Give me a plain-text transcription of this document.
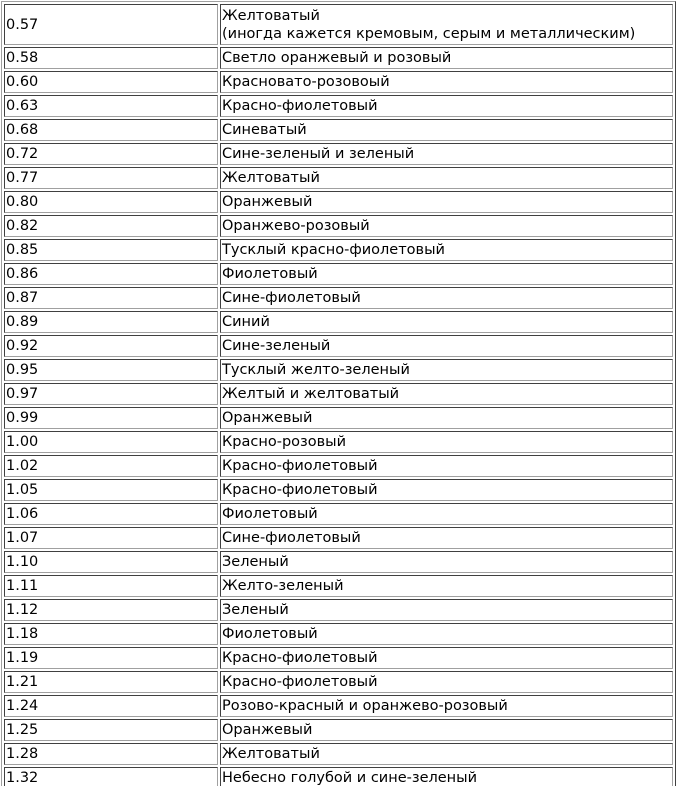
0.57	Желтоватый
(иногда кажется кремовым, серым и металлическим)

0.58	Светло оранжевый и розовый
0.60	Красновато-розовоый
0.63	Красно-фиолетовый
0.68	Синеватый
0.72	Сине-зеленый и зеленый
0.77	Желтоватый
0.80	Оранжевый
0.82	Оранжево-розовый
0.85	Тусклый красно-фиолетовый
0.86	Фиолетовый
0.87	Сине-фиолетовый
0.89	Синий
0.92	Сине-зеленый
0.95	Тусклый желто-зеленый
0.97	Желтый и желтоватый
0.99	Оранжевый
1.00	Красно-розовый
1.02	Красно-фиолетовый
1.05	Красно-фиолетовый
1.06	Фиолетовый
1.07	Сине-фиолетовый
1.10	Зеленый
1.11	Желто-зеленый
1.12	Зеленый
1.18	Фиолетовый
1.19	Красно-фиолетовый
1.21	Красно-фиолетовый
1.24	Розово-красный и оранжево-розовый
1.25	Оранжевый
1.28	Желтоватый
1.32	Небесно голубой и сине-зеленый
